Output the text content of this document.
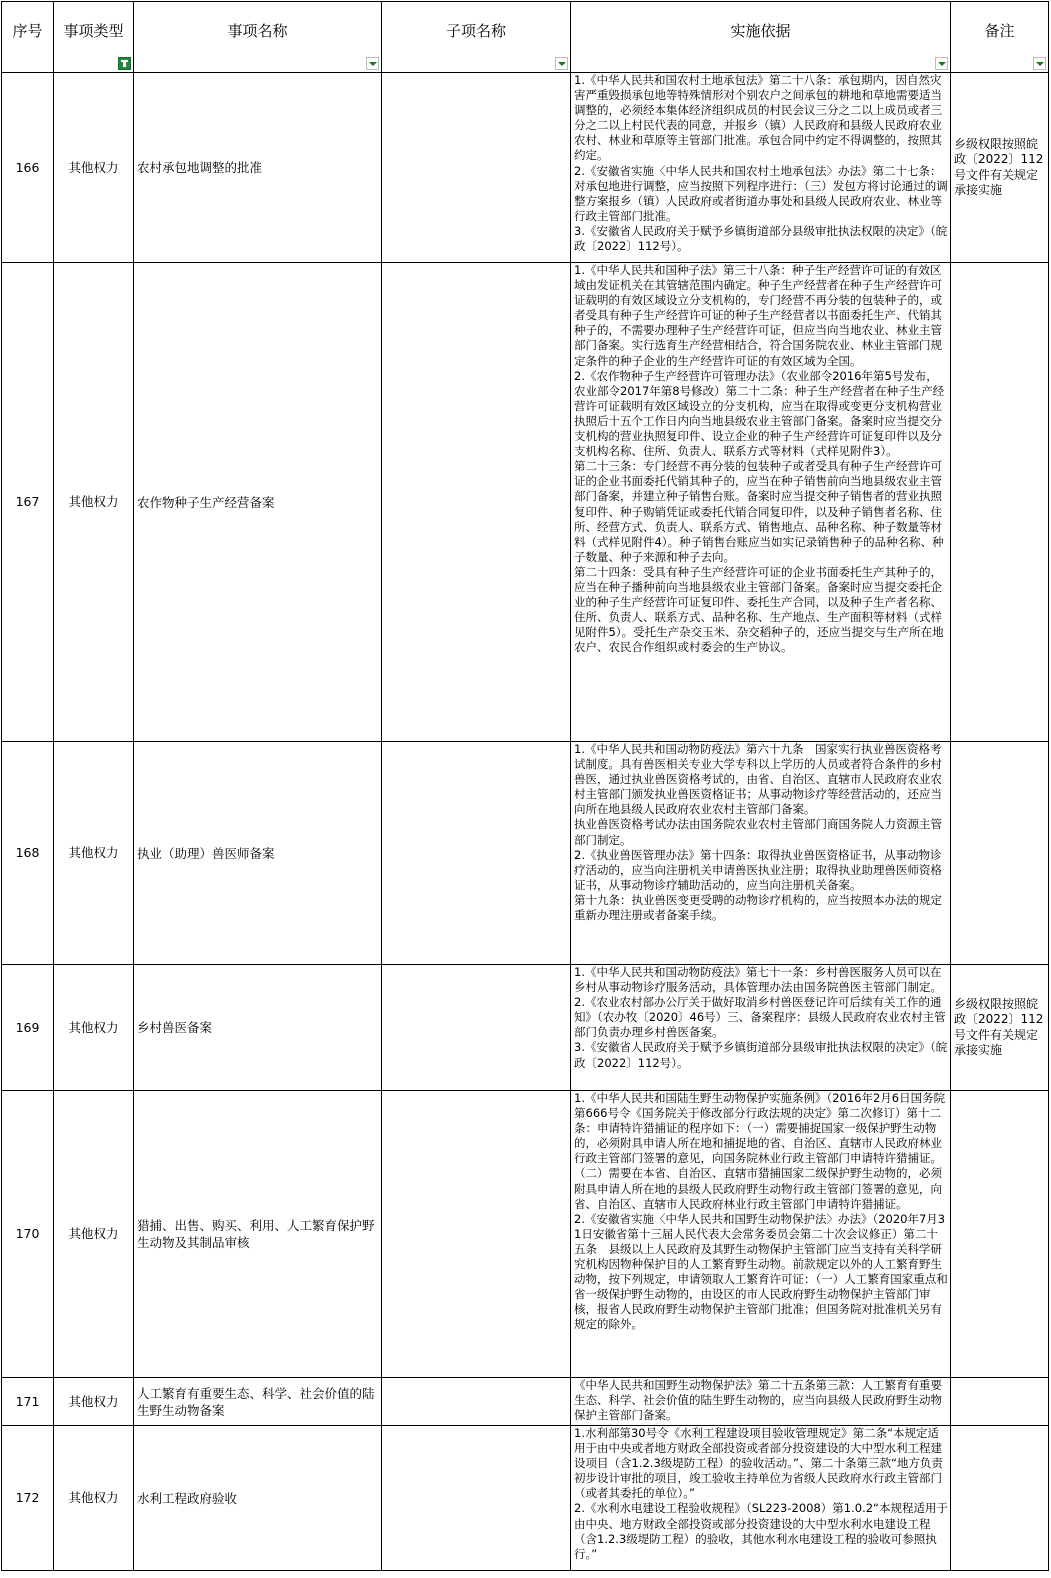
序号	事项类型	事项名称	子项名称	实施依据	备注

166	其他权力	农村承包地调整的批准		1.《中华人民共和国农村土地承包法》第二十八条：承包期内，因自然灾害严重毁损承包地等特殊情形对个别农户之间承包的耕地和草地需要适当调整的，必须经本集体经济组织成员的村民会议三分之二以上成员或者三分之二以上村民代表的同意，并报乡（镇）人民政府和县级人民政府农业农村、林业和草原等主管部门批准。承包合同中约定不得调整的，按照其约定。
2.《安徽省实施〈中华人民共和国农村土地承包法〉办法》第二十七条：对承包地进行调整，应当按照下列程序进行：（三）发包方将讨论通过的调整方案报乡（镇）人民政府或者街道办事处和县级人民政府农业、林业等行政主管部门批准。
3.《安徽省人民政府关于赋予乡镇街道部分县级审批执法权限的决定》（皖政〔2022〕112号）。	乡级权限按照皖政〔2022〕112号文件有关规定承接实施
167	其他权力	农作物种子生产经营备案		1.《中华人民共和国种子法》第三十八条：种子生产经营许可证的有效区域由发证机关在其管辖范围内确定。种子生产经营者在种子生产经营许可证载明的有效区域设立分支机构的，专门经营不再分装的包装种子的，或者受具有种子生产经营许可证的种子生产经营者以书面委托生产、代销其种子的，不需要办理种子生产经营许可证，但应当向当地农业、林业主管部门备案。实行选育生产经营相结合，符合国务院农业、林业主管部门规定条件的种子企业的生产经营许可证的有效区域为全国。
2.《农作物种子生产经营许可管理办法》（农业部令2016年第5号发布，农业部令2017年第8号修改）第二十二条：种子生产经营者在种子生产经营许可证载明有效区域设立的分支机构，应当在取得或变更分支机构营业执照后十五个工作日内向当地县级农业主管部门备案。备案时应当提交分支机构的营业执照复印件、设立企业的种子生产经营许可证复印件以及分支机构名称、住所、负责人、联系方式等材料（式样见附件3）。
第二十三条：专门经营不再分装的包装种子或者受具有种子生产经营许可证的企业书面委托代销其种子的，应当在种子销售前向当地县级农业主管部门备案，并建立种子销售台账。备案时应当提交种子销售者的营业执照复印件、种子购销凭证或委托代销合同复印件，以及种子销售者名称、住所、经营方式、负责人、联系方式、销售地点、品种名称、种子数量等材料（式样见附件4）。种子销售台账应当如实记录销售种子的品种名称、种子数量、种子来源和种子去向。
第二十四条：受具有种子生产经营许可证的企业书面委托生产其种子的，应当在种子播种前向当地县级农业主管部门备案。备案时应当提交委托企业的种子生产经营许可证复印件、委托生产合同，以及种子生产者名称、住所、负责人、联系方式、品种名称、生产地点、生产面积等材料（式样见附件5）。受托生产杂交玉米、杂交稻种子的，还应当提交与生产所在地农户、农民合作组织或村委会的生产协议。	
168	其他权力	执业（助理）兽医师备案		1.《中华人民共和国动物防疫法》第六十九条　国家实行执业兽医资格考试制度。具有兽医相关专业大学专科以上学历的人员或者符合条件的乡村兽医，通过执业兽医资格考试的，由省、自治区、直辖市人民政府农业农村主管部门颁发执业兽医资格证书；从事动物诊疗等经营活动的，还应当向所在地县级人民政府农业农村主管部门备案。
执业兽医资格考试办法由国务院农业农村主管部门商国务院人力资源主管部门制定。
2.《执业兽医管理办法》第十四条：取得执业兽医资格证书，从事动物诊疗活动的，应当向注册机关申请兽医执业注册；取得执业助理兽医师资格证书，从事动物诊疗辅助活动的，应当向注册机关备案。
第十九条：执业兽医变更受聘的动物诊疗机构的，应当按照本办法的规定重新办理注册或者备案手续。	
169	其他权力	乡村兽医备案		1.《中华人民共和国动物防疫法》第七十一条：乡村兽医服务人员可以在乡村从事动物诊疗服务活动，具体管理办法由国务院兽医主管部门制定。
2.《农业农村部办公厅关于做好取消乡村兽医登记许可后续有关工作的通知》（农办牧〔2020〕46号）三、备案程序：县级人民政府农业农村主管部门负责办理乡村兽医备案。
3.《安徽省人民政府关于赋予乡镇街道部分县级审批执法权限的决定》（皖政〔2022〕112号）。	乡级权限按照皖政〔2022〕112号文件有关规定承接实施
170	其他权力	猎捕、出售、购买、利用、人工繁育保护野生动物及其制品审核		1.《中华人民共和国陆生野生动物保护实施条例》（2016年2月6日国务院第666号令《国务院关于修改部分行政法规的决定》第二次修订）第十二条：申请特许猎捕证的程序如下：（一）需要捕捉国家一级保护野生动物的，必须附具申请人所在地和捕捉地的省、自治区、直辖市人民政府林业行政主管部门签署的意见，向国务院林业行政主管部门申请特许猎捕证。（二）需要在本省、自治区、直辖市猎捕国家二级保护野生动物的，必须附具申请人所在地的县级人民政府野生动物行政主管部门签署的意见，向省、自治区、直辖市人民政府林业行政主管部门申请特许猎捕证。
2.《安徽省实施〈中华人民共和国野生动物保护法〉办法》（2020年7月31日安徽省第十三届人民代表大会常务委员会第二十次会议修正）第二十五条　县级以上人民政府及其野生动物保护主管部门应当支持有关科学研究机构因物种保护目的人工繁育野生动物。前款规定以外的人工繁育野生动物，按下列规定，申请领取人工繁育许可证：（一）人工繁育国家重点和省一级保护野生动物的，由设区的市人民政府野生动物保护主管部门审核，报省人民政府野生动物保护主管部门批准；但国务院对批准机关另有规定的除外。	
171	其他权力	人工繁育有重要生态、科学、社会价值的陆生野生动物备案		《中华人民共和国野生动物保护法》第二十五条第三款：人工繁育有重要生态、科学、社会价值的陆生野生动物的，应当向县级人民政府野生动物保护主管部门备案。	
172	其他权力	水利工程政府验收		1.水利部第30号令《水利工程建设项目验收管理规定》第二条“本规定适用于由中央或者地方财政全部投资或者部分投资建设的大中型水利工程建设项目（含1.2.3级堤防工程）的验收活动。”、第二十条第三款“地方负责初步设计审批的项目，竣工验收主持单位为省级人民政府水行政主管部门（或者其委托的单位）。”
2.《水利水电建设工程验收规程》（SL223-2008）第1.0.2“本规程适用于由中央、地方财政全部投资或部分投资建设的大中型水利水电建设工程（含1.2.3级堤防工程）的验收，其他水利水电建设工程的验收可参照执行。”	
